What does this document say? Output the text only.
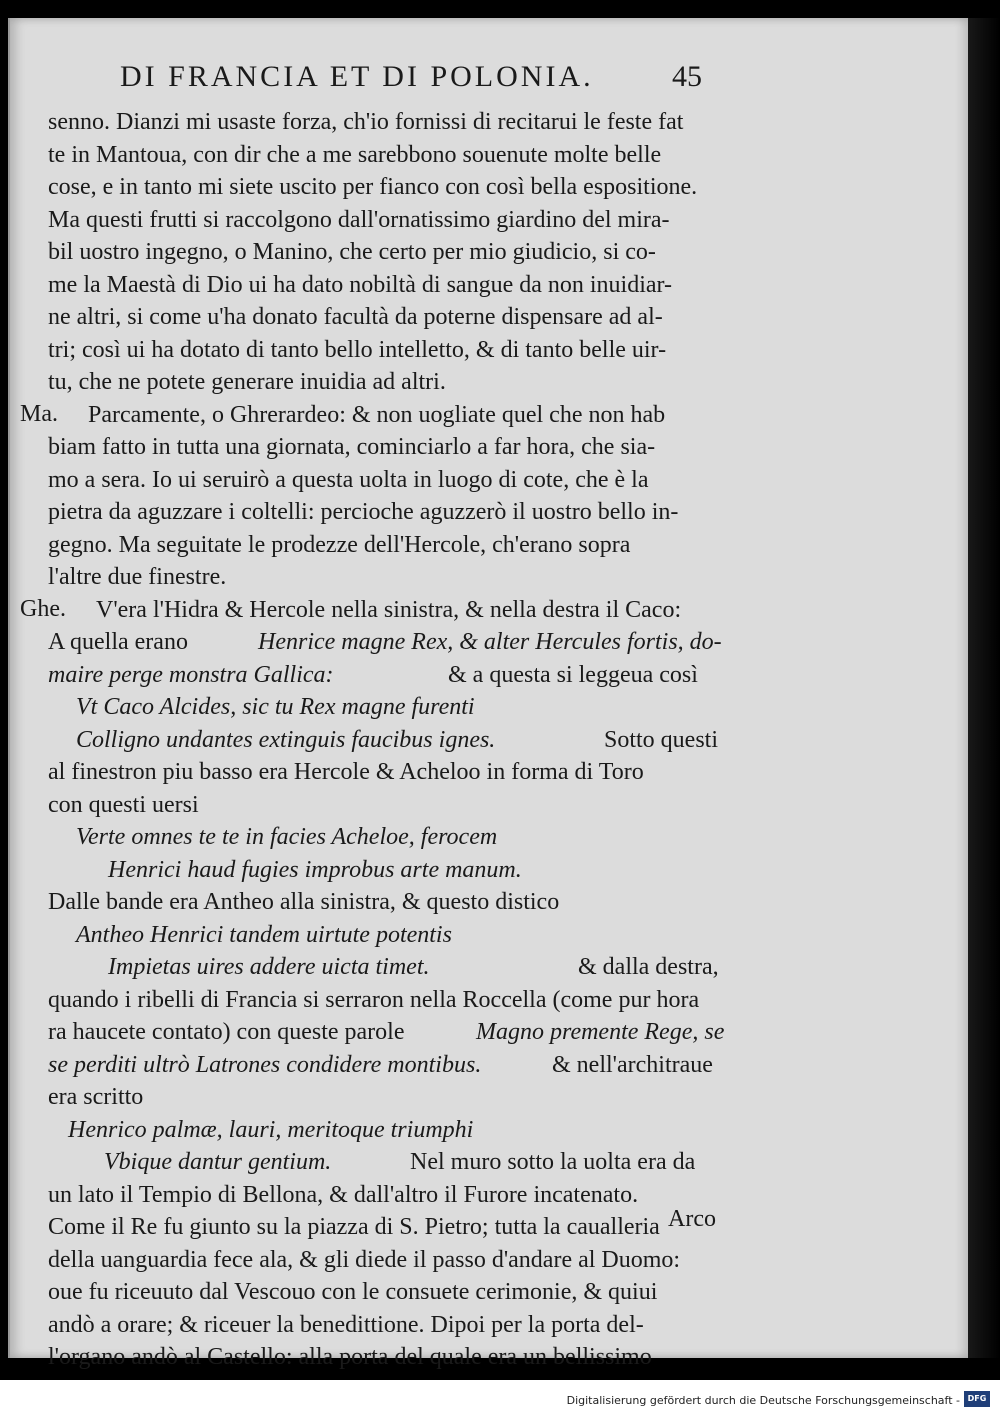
DI FRANCIA ET DI POLONIA.	45
senno. Dianzi mi usaste forza, ch'io fornissi di recitarui le feste fat
te in Mantoua, con dir che a me sarebbono souenute molte belle
cose, e in tanto mi siete uscito per fianco con così bella espositione.
Ma questi frutti si raccolgono dall'ornatissimo giardino del mira-
bil uostro ingegno, o Manino, che certo per mio giudicio, si co-
me la Maestà di Dio ui ha dato nobiltà di sangue da non inuidiar-
ne altri, si come u'ha donato facultà da poterne dispensare ad al-
tri; così ui ha dotato di tanto bello intelletto, & di tanto belle uir-
tu, che ne potete generare inuidia ad altri.
Ma. Parcamente, o Ghrerardeo: & non uogliate quel che non hab
biam fatto in tutta una giornata, cominciarlo a far hora, che sia-
mo a sera. Io ui seruirò a questa uolta in luogo di cote, che è la
pietra da aguzzare i coltelli: percioche aguzzerò il uostro bello in-
gegno. Ma seguitate le prodezze dell'Hercole, ch'erano sopra
l'altre due finestre.
Ghe. V'era l'Hidra & Hercole nella sinistra, & nella destra il Caco:
A quella erano	Henrice magne Rex, & alter Hercules fortis, do-
maire perge monstra Gallica:	& a questa si leggeua così
Vt Caco Alcides, sic tu Rex magne furenti
Colligno undantes extinguis faucibus ignes.	Sotto questi
al finestron piu basso era Hercole & Acheloo in forma di Toro
con questi uersi
Verte omnes te te in facies Acheloe, ferocem
Henrici haud fugies improbus arte manum.
Dalle bande era Antheo alla sinistra, & questo distico
Antheo Henrici tandem uirtute potentis
Impietas uires addere uicta timet.	& dalla destra,
quando i ribelli di Francia si serraron nella Roccella (come pur hora
ra haucete contato) con queste parole	Magno premente Rege, se
se perditi ultrò Latrones condidere montibus.	& nell'architraue
era scritto
Henrico palmæ, lauri, meritoque triumphi
Vbique dantur gentium.	Nel muro sotto la uolta era da
un lato il Tempio di Bellona, & dall'altro il Furore incatenato.
Come il Re fu giunto su la piazza di S. Pietro; tutta la caualleria
della uanguardia fece ala, & gli diede il passo d'andare al Duomo:
oue fu riceuuto dal Vescouo con le consuete cerimonie, & quiui
andò a orare; & riceuer la benedittione. Dipoi per la porta del-
l'organo andò al Castello: alla porta del quale era un bellissimo
Arco
Digitalisierung gefördert durch die Deutsche Forschungsgemeinschaft - DFG
